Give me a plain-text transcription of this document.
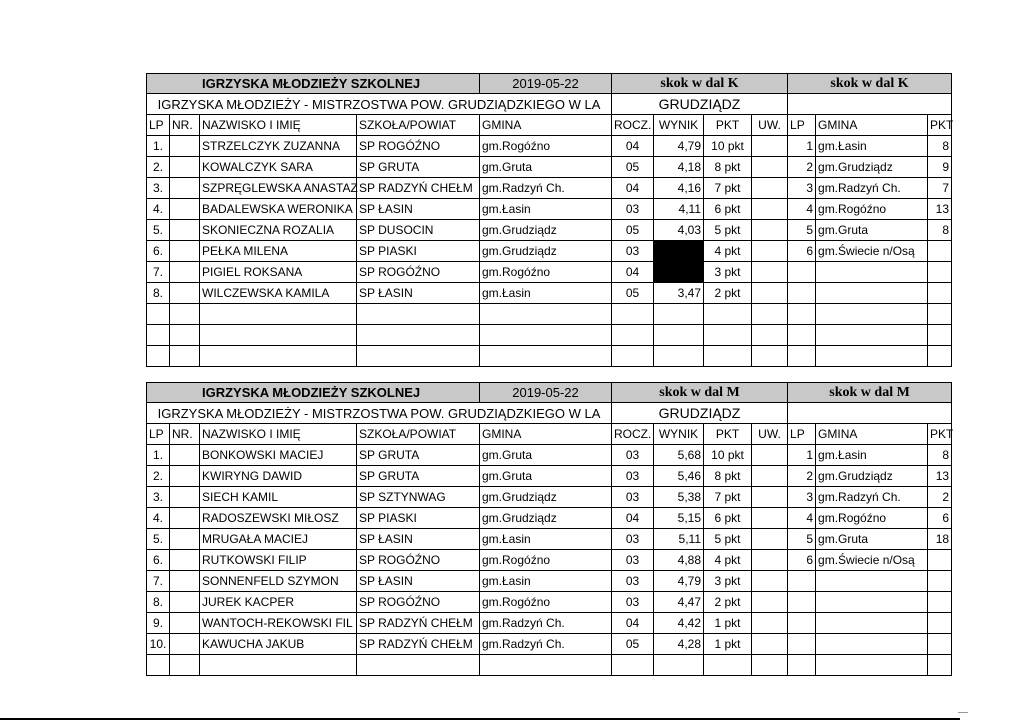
IGRZYSKA MŁODZIEŻY SZKOLNEJ				2019-05-22	skok w dal K				skok w dal K		
IGRZYSKA MŁODZIEŻY - MISTRZOSTWA POW. GRUDZIĄDZKIEGO W LA					GRUDZIĄDZ						
LP	NR.	NAZWISKO I IMIĘ	SZKOŁA/POWIAT	GMINA	ROCZ.	WYNIK	PKT	UW.	LP	GMINA	PKT
1.		STRZELCZYK ZUZANNA	SP ROGÓŹNO	gm.Rogóźno	04	4,79	10 pkt		1	gm.Łasin	8
2.		KOWALCZYK SARA	SP GRUTA	gm.Gruta	05	4,18	8 pkt		2	gm.Grudziądz	9
3.		SZPRĘGLEWSKA ANASTAZ	SP RADZYŃ CHEŁM	gm.Radzyń Ch.	04	4,16	7 pkt		3	gm.Radzyń Ch.	7
4.		BADALEWSKA WERONIKA	SP ŁASIN	gm.Łasin	03	4,11	6 pkt		4	gm.Rogóźno	13
5.		SKONIECZNA ROZALIA	SP DUSOCIN	gm.Grudziądz	05	4,03	5 pkt		5	gm.Gruta	8
6.		PEŁKA MILENA	SP PIASKI	gm.Grudziądz	03		4 pkt		6	gm.Świecie n/Osą	
7.		PIGIEL ROKSANA	SP ROGÓŹNO	gm.Rogóźno	04		3 pkt				
8.		WILCZEWSKA KAMILA	SP ŁASIN	gm.Łasin	05	3,47	2 pkt				

IGRZYSKA MŁODZIEŻY SZKOLNEJ				2019-05-22	skok w dal M				skok w dal M		
IGRZYSKA MŁODZIEŻY - MISTRZOSTWA POW. GRUDZIĄDZKIEGO W LA					GRUDZIĄDZ						
LP	NR.	NAZWISKO I IMIĘ	SZKOŁA/POWIAT	GMINA	ROCZ.	WYNIK	PKT	UW.	LP	GMINA	PKT
1.		BONKOWSKI MACIEJ	SP GRUTA	gm.Gruta	03	5,68	10 pkt		1	gm.Łasin	8
2.		KWIRYNG DAWID	SP GRUTA	gm.Gruta	03	5,46	8 pkt		2	gm.Grudziądz	13
3.		SIECH KAMIL	SP SZTYNWAG	gm.Grudziądz	03	5,38	7 pkt		3	gm.Radzyń Ch.	2
4.		RADOSZEWSKI MIŁOSZ	SP PIASKI	gm.Grudziądz	04	5,15	6 pkt		4	gm.Rogóźno	6
5.		MRUGAŁA MACIEJ	SP ŁASIN	gm.Łasin	03	5,11	5 pkt		5	gm.Gruta	18
6.		RUTKOWSKI FILIP	SP ROGÓŹNO	gm.Rogóźno	03	4,88	4 pkt		6	gm.Świecie n/Osą	
7.		SONNENFELD SZYMON	SP ŁASIN	gm.Łasin	03	4,79	3 pkt				
8.		JUREK KACPER	SP ROGÓŹNO	gm.Rogóźno	03	4,47	2 pkt				
9.		WANTOCH-REKOWSKI FIL	SP RADZYŃ CHEŁM	gm.Radzyń Ch.	04	4,42	1 pkt				
10.		KAWUCHA JAKUB	SP RADZYŃ CHEŁM	gm.Radzyń Ch.	05	4,28	1 pkt				
